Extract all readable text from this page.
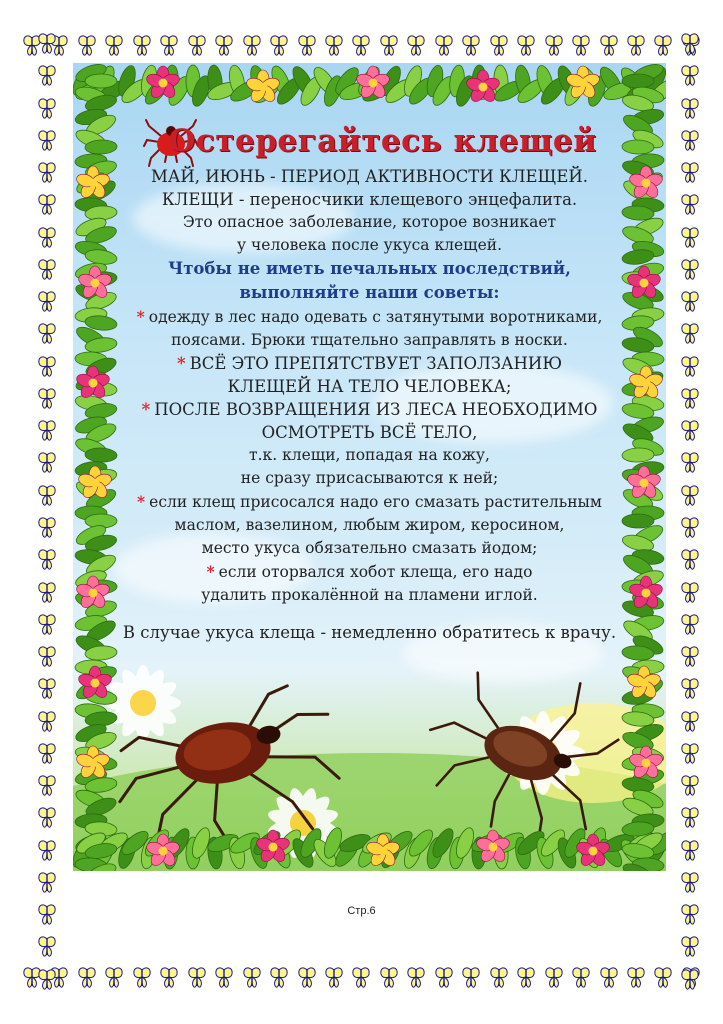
Остерегайтесь клещей
МАЙ, ИЮНЬ - ПЕРИОД АКТИВНОСТИ КЛЕЩЕЙ.
КЛЕЩИ - переносчики клещевого энцефалита.
Это опасное заболевание, которое возникает
у человека после укуса клещей.
Чтобы не иметь печальных последствий,
выполняйте наши советы:
* одежду в лес надо одевать с затянутыми воротниками,
поясами. Брюки тщательно заправлять в носки.
* ВСЁ ЭТО ПРЕПЯТСТВУЕТ ЗАПОЛЗАНИЮ
КЛЕЩЕЙ НА ТЕЛО ЧЕЛОВЕКА;
* ПОСЛЕ ВОЗВРАЩЕНИЯ ИЗ ЛЕСА НЕОБХОДИМО
ОСМОТРЕТЬ ВСЁ ТЕЛО,
т.к. клещи, попадая на кожу,
не сразу присасываются к ней;
* если клещ присосался надо его смазать растительным
маслом, вазелином, любым жиром, керосином,
место укуса обязательно смазать йодом;
* если оторвался хобот клеща, его надо
удалить прокалённой на пламени иглой.
В случае укуса клеща - немедленно обратитесь к врачу.
Стр.6
